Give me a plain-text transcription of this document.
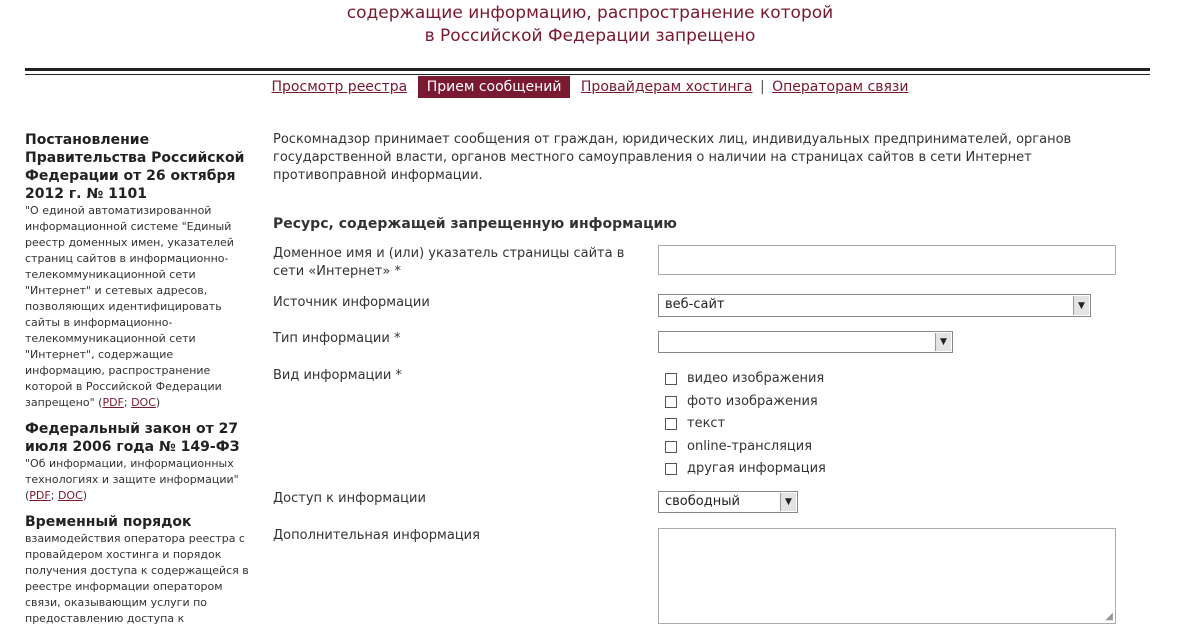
содержащие информацию, распространение которой
в Российской Федерации запрещено
Просмотр реестра Прием сообщений Провайдерам хостинга | Операторам связи
Постановление Правительства Российской Федерации от 26 октября 2012 г. № 1101
"О единой автоматизированной информационной системе "Единый реестр доменных имен, указателей страниц сайтов в информационно-телекоммуникационной сети "Интернет" и сетевых адресов, позволяющих идентифицировать сайты в информационно-телекоммуникационной сети "Интернет", содержащие информацию, распространение которой в Российской Федерации запрещено" (PDF; DOC)
Федеральный закон от 27 июля 2006 года № 149-ФЗ
"Об информации, информационных технологиях и защите информации" (PDF; DOC)
Временный порядок
взаимодействия оператора реестра с провайдером хостинга и порядок получения доступа к содержащейся в реестре информации оператором связи, оказывающим услуги по предоставлению доступа к
Роскомнадзор принимает сообщения от граждан, юридических лиц, индивидуальных предпринимателей, органов государственной власти, органов местного самоуправления о наличии на страницах сайтов в сети Интернет противоправной информации.
Ресурс, содержащей запрещенную информацию
Доменное имя и (или) указатель страницы сайта в сети «Интернет» *
Источник информации	веб-сайт	▼
Тип информации *	▼
Вид информации *	видео изображения
фото изображения
текст
online-трансляция
другая информация
Доступ к информации	свободный	▼
Дополнительная информация
◢
